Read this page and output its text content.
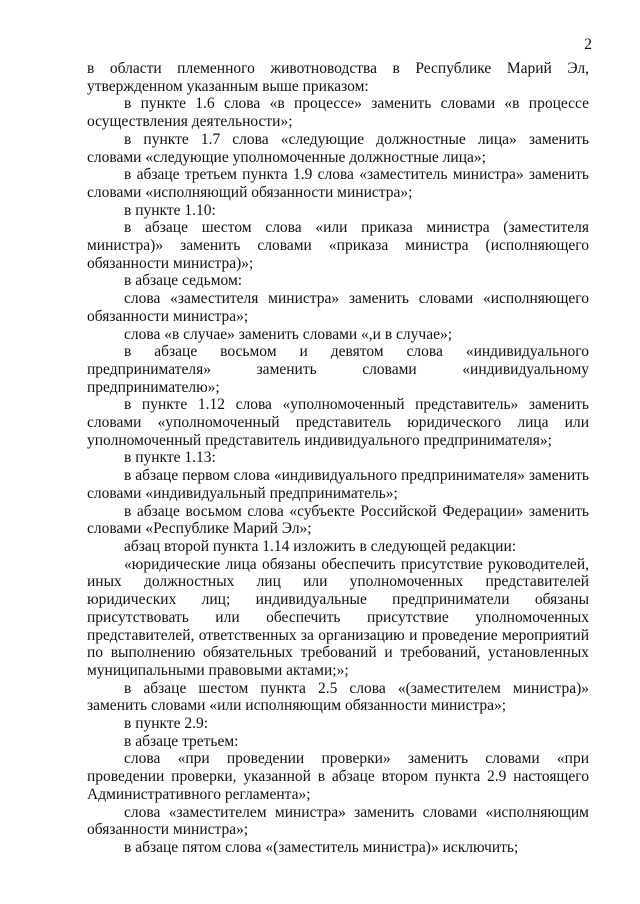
2

в области племенного животноводства в Республике Марий Эл, утвержденном указанным выше приказом:

в пункте 1.6 слова «в процессе» заменить словами «в процессе осуществления деятельности»;

в пункте 1.7 слова «следующие должностные лица» заменить словами «следующие уполномоченные должностные лица»;

в абзаце третьем пункта 1.9 слова «заместитель министра» заменить словами «исполняющий обязанности министра»;

в пункте 1.10:

в абзаце шестом слова «или приказа министра (заместителя министра)» заменить словами «приказа министра (исполняющего обязанности министра)»;

в абзаце седьмом:

слова «заместителя министра» заменить словами «исполняющего обязанности министра»;

слова «в случае» заменить словами «,и в случае»;

в абзаце восьмом и девятом слова «индивидуального предпринимателя» заменить словами «индивидуальному предпринимателю»;

в пункте 1.12 слова «уполномоченный представитель» заменить словами «уполномоченный представитель юридического лица или уполномоченный представитель индивидуального предпринимателя»;

в пункте 1.13:

в абзаце первом слова «индивидуального предпринимателя» заменить словами «индивидуальный предприниматель»;

в абзаце восьмом слова «субъекте Российской Федерации» заменить словами «Республике Марий Эл»;

абзац второй пункта 1.14 изложить в следующей редакции:

«юридические лица обязаны обеспечить присутствие руководителей, иных должностных лиц или уполномоченных представителей юридических лиц; индивидуальные предприниматели обязаны присутствовать или обеспечить присутствие уполномоченных представителей, ответственных за организацию и проведение мероприятий по выполнению обязательных требований и требований, установленных муниципальными правовыми актами;»;

в абзаце шестом пункта 2.5 слова «(заместителем министра)» заменить словами «или исполняющим обязанности министра»;

в пункте 2.9:

в абзаце третьем:

слова «при проведении проверки» заменить словами «при проведении проверки, указанной в абзаце втором пункта 2.9 настоящего Административного регламента»;

слова «заместителем министра» заменить словами «исполняющим обязанности министра»;

в абзаце пятом слова «(заместитель министра)» исключить;
